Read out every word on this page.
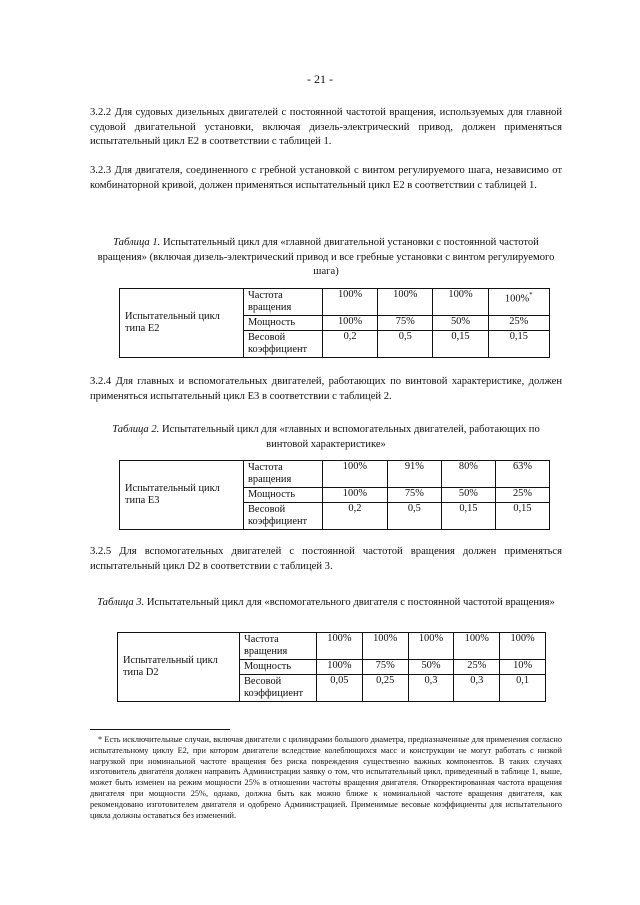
- 21 -
3.2.2 Для судовых дизельных двигателей с постоянной частотой вращения, используемых для главной судовой двигательной установки, включая дизель-электрический привод, должен применяться испытательный цикл Е2 в соответствии с таблицей 1.
3.2.3 Для двигателя, соединенного с гребной установкой с винтом регулируемого шага, независимо от комбинаторной кривой, должен применяться испытательный цикл Е2 в соответствии с таблицей 1.
Таблица 1. Испытательный цикл для «главной двигательной установки с постоянной частотой вращения» (включая дизель-электрический привод и все гребные установки с винтом регулируемого шага)
Испытательный цикл типа Е2	Частота вращения	100%	100%	100%	100%*
	Мощность	100%	75%	50%	25%
	Весовой коэффициент	0,2	0,5	0,15	0,15
3.2.4 Для главных и вспомогательных двигателей, работающих по винтовой характеристике, должен применяться испытательный цикл Е3 в соответствии с таблицей 2.
Таблица 2. Испытательный цикл для «главных и вспомогательных двигателей, работающих по винтовой характеристике»
Испытательный цикл типа Е3	Частота вращения	100%	91%	80%	63%
	Мощность	100%	75%	50%	25%
	Весовой коэффициент	0,2	0,5	0,15	0,15
3.2.5 Для вспомогательных двигателей с постоянной частотой вращения должен применяться испытательный цикл D2 в соответствии с таблицей 3.
Таблица 3. Испытательный цикл для «вспомогательного двигателя с постоянной частотой вращения»
Испытательный цикл типа D2	Частота вращения	100%	100%	100%	100%	100%
	Мощность	100%	75%	50%	25%	10%
	Весовой коэффициент	0,05	0,25	0,3	0,3	0,1
* Есть исключительные случаи, включая двигатели с цилиндрами большого диаметра, предназначенные для применения согласно испытательному циклу Е2, при котором двигатели вследствие колеблющихся масс и конструкции не могут работать с низкой нагрузкой при номинальной частоте вращения без риска повреждения существенно важных компонентов. В таких случаях изготовитель двигателя должен направить Администрации заявку о том, что испытательный цикл, приведенный в таблице 1, выше, может быть изменен на режим мощности 25% в отношении частоты вращения двигателя. Откорректированная частота вращения двигателя при мощности 25%, однако, должна быть как можно ближе к номинальной частоте вращения двигателя, как рекомендовано изготовителем двигателя и одобрено Администрацией. Применимые весовые коэффициенты для испытательного цикла должны оставаться без изменений.
